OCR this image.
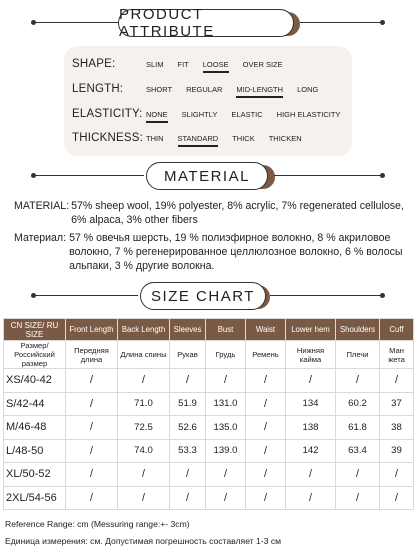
PRODUCT ATTRIBUTE
SHAPE:	SLIM FIT LOOSE OVER SIZE
LENGTH:	SHORT REGULAR MID-LENGTH LONG
ELASTICITY: NONE SLIGHTLY ELASTIC HIGH ELASTICITY
THICKNESS: THIN STANDARD THICK THICKEN
MATERIAL
MATERIAL: 57% sheep wool, 19% polyester, 8% acrylic, 7% regenerated cellulose, 6% alpaca, 3% other fibers
Материал: 57 % овечья шерсть, 19 % полиэфирное волокно, 8 % акриловое волокно, 7 % регенерированное целлюлозное волокно, 6 % волосы альпаки, 3 % другие волокна.
SIZE CHART
CN SIZE/ RU SIZE	Front Length	Back Length	Sleeves	Bust	Waist	Lower hem	Shoulders	Cuff
Размер/ Российский размер	Передняя длина	Длина спины	Рукав	Грудь	Ремень	Нижняя кайма	Плечи	Ман жета
XS/40-42	/	/	/	/	/	/	/	/
S/42-44	/	71.0	51.9	131.0	/	134	60.2	37
M/46-48	/	72.5	52.6	135.0	/	138	61.8	38
L/48-50	/	74.0	53.3	139.0	/	142	63.4	39
XL/50-52	/	/	/	/	/	/	/	/
2XL/54-56	/	/	/	/	/	/	/	/
Reference Range: cm (Messuring range:+- 3cm)
Единица измерения: см. Допустимая погрешность составляет 1-3 см
